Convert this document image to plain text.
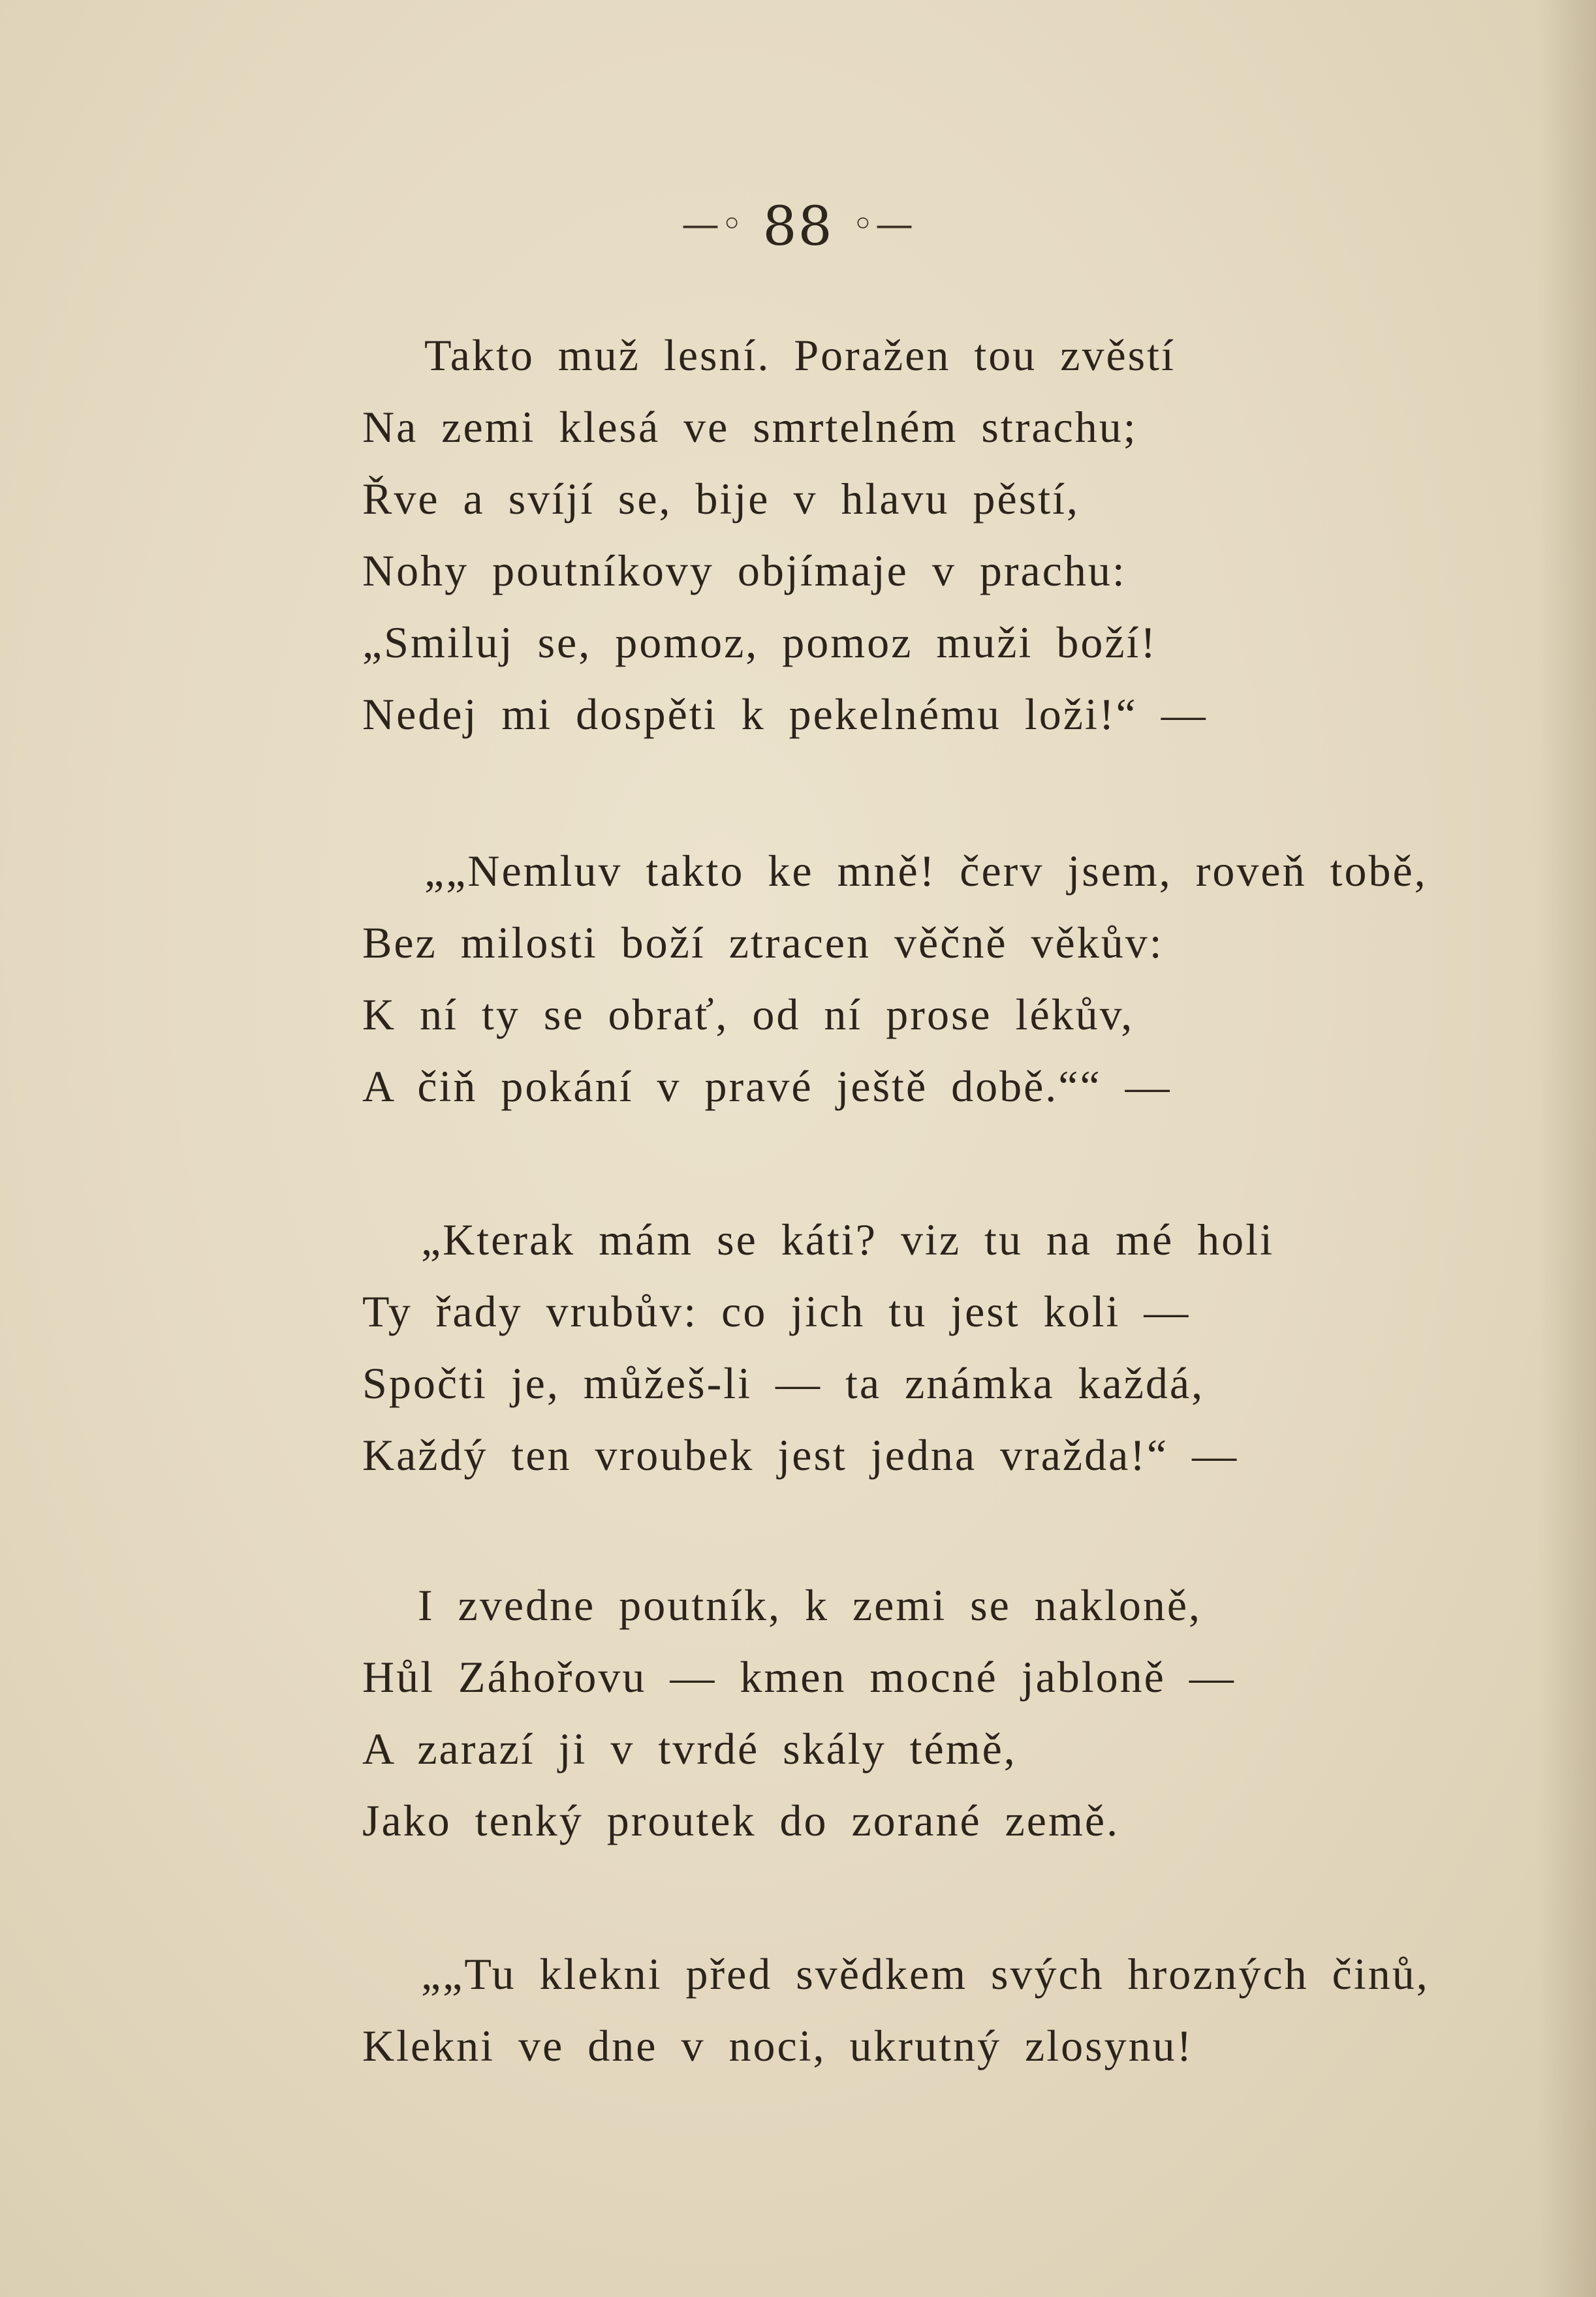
—◦ 88 ◦—
Takto muž lesní. Poražen tou zvěstí
Na zemi klesá ve smrtelném strachu;
Řve a svíjí se, bije v hlavu pěstí,
Nohy poutníkovy objímaje v prachu:
„Smiluj se, pomoz, pomoz muži boží!
Nedej mi dospěti k pekelnému loži!“ —
„„Nemluv takto ke mně! červ jsem, roveň tobě,
Bez milosti boží ztracen věčně věkův:
K ní ty se obrať, od ní prose lékův,
A čiň pokání v pravé ještě době.““ —
„Kterak mám se káti? viz tu na mé holi
Ty řady vrubův: co jich tu jest koli —
Spočti je, můžeš-li — ta známka každá,
Každý ten vroubek jest jedna vražda!“ —
I zvedne poutník, k zemi se nakloně,
Hůl Záhořovu — kmen mocné jabloně —
A zarazí ji v tvrdé skály témě,
Jako tenký proutek do zorané země.
„„Tu klekni před svědkem svých hrozných činů,
Klekni ve dne v noci, ukrutný zlosynu!
